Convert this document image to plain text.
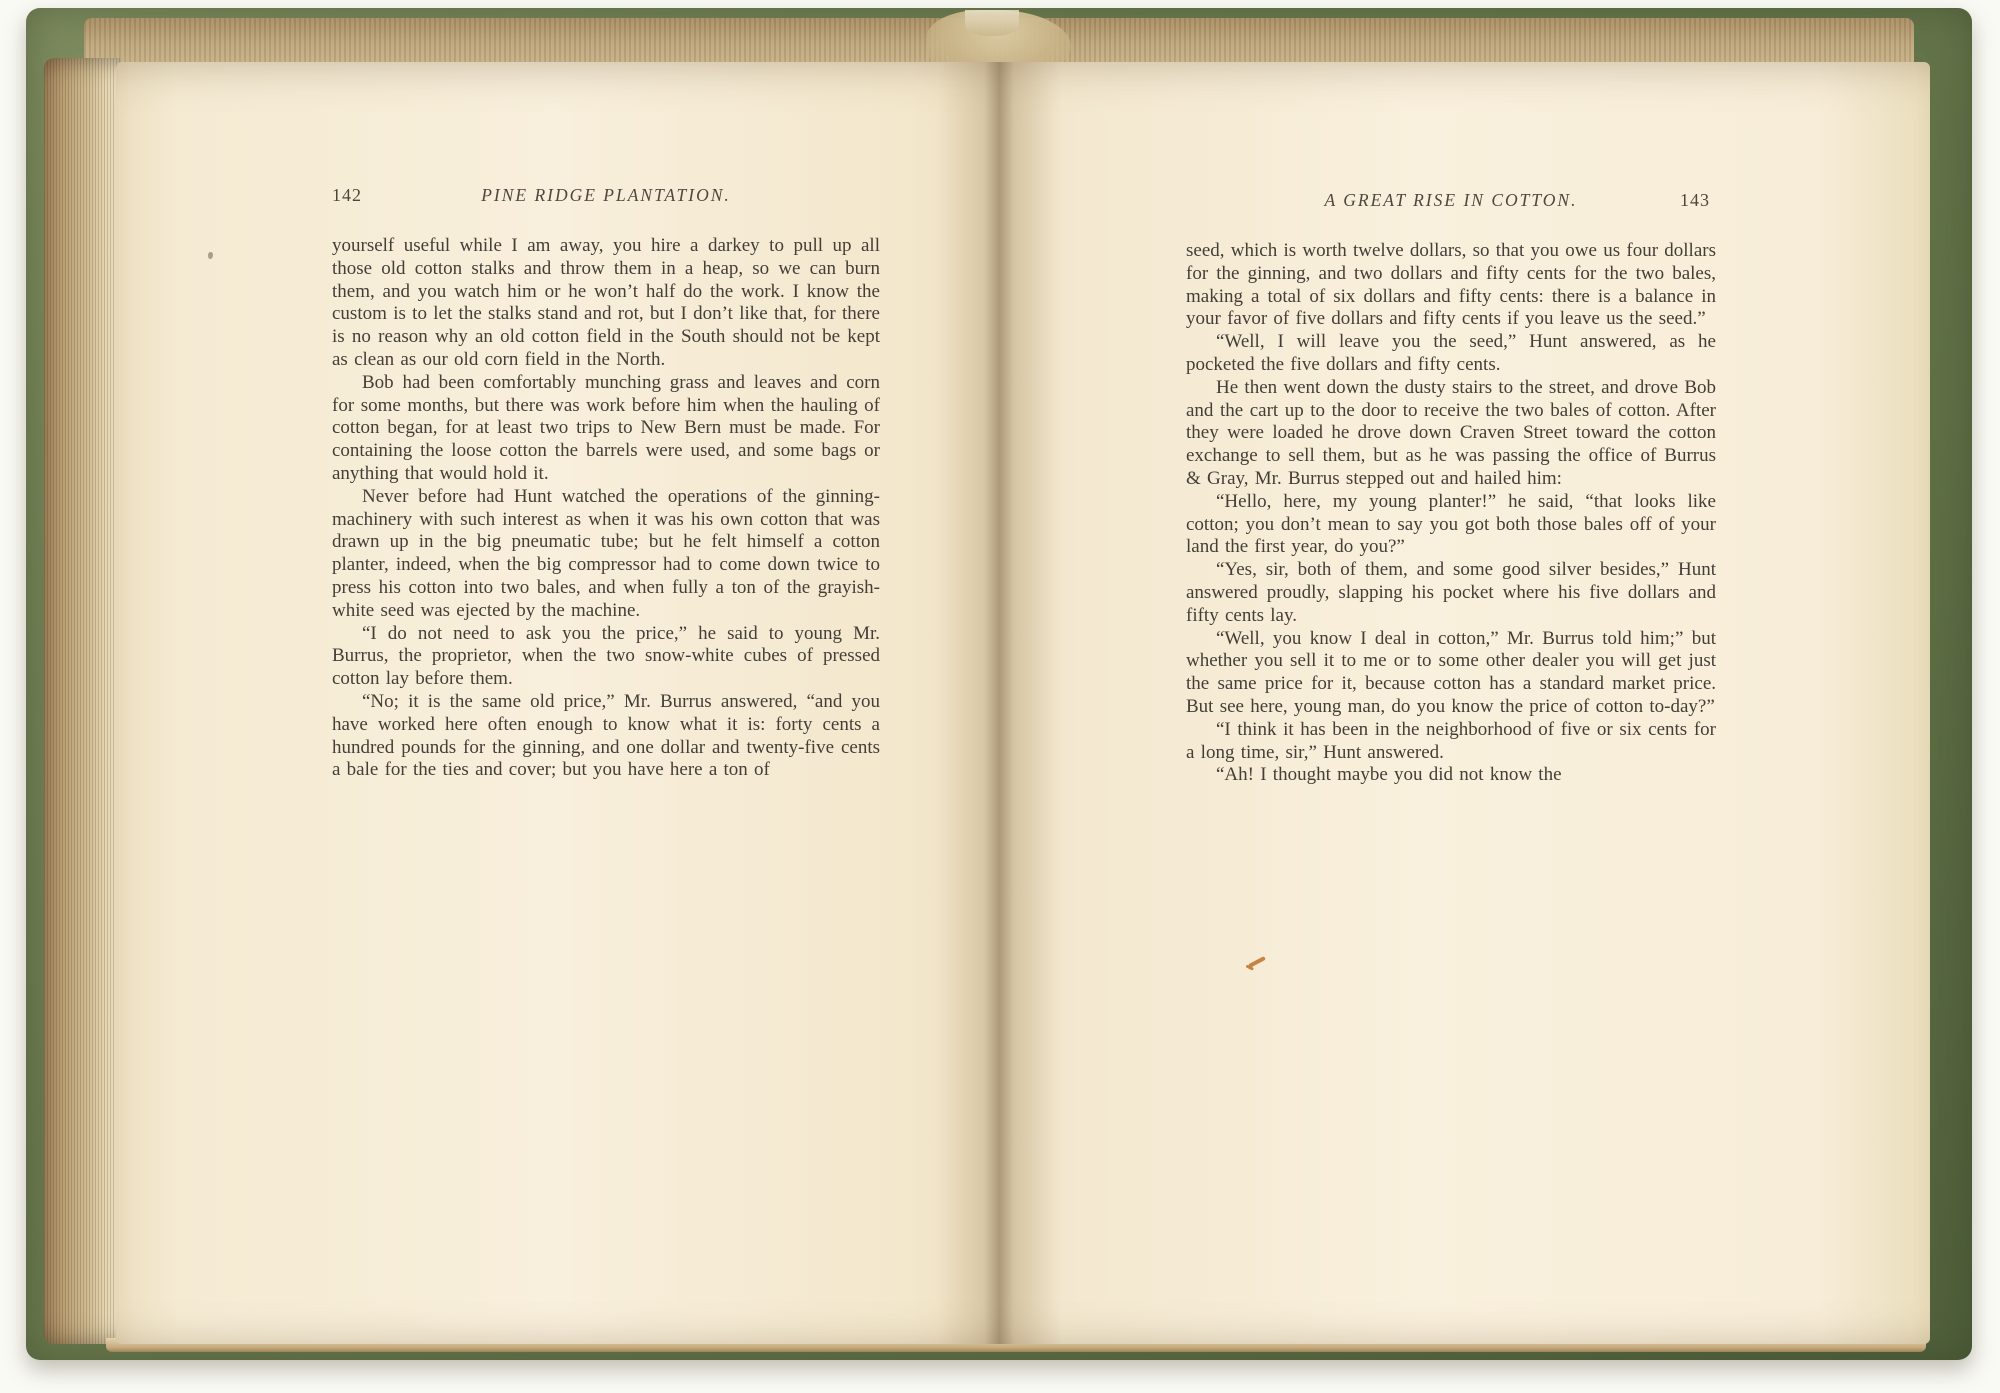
142	PINE RIDGE PLANTATION.

yourself useful while I am away, you hire a darkey to pull up all those old cotton stalks and throw them in a heap, so we can burn them, and you watch him or he won’t half do the work. I know the custom is to let the stalks stand and rot, but I don’t like that, for there is no reason why an old cotton field in the South should not be kept as clean as our old corn field in the North.

Bob had been comfortably munching grass and leaves and corn for some months, but there was work before him when the hauling of cotton began, for at least two trips to New Bern must be made. For containing the loose cotton the barrels were used, and some bags or anything that would hold it.

Never before had Hunt watched the operations of the ginning-machinery with such interest as when it was his own cotton that was drawn up in the big pneumatic tube; but he felt himself a cotton planter, indeed, when the big compressor had to come down twice to press his cotton into two bales, and when fully a ton of the grayish-white seed was ejected by the machine.

“I do not need to ask you the price,” he said to young Mr. Burrus, the proprietor, when the two snow-white cubes of pressed cotton lay before them.

“No; it is the same old price,” Mr. Burrus answered, “and you have worked here often enough to know what it is: forty cents a hundred pounds for the ginning, and one dollar and twenty-five cents a bale for the ties and cover; but you have here a ton of

A GREAT RISE IN COTTON.	143

seed, which is worth twelve dollars, so that you owe us four dollars for the ginning, and two dollars and fifty cents for the two bales, making a total of six dollars and fifty cents: there is a balance in your favor of five dollars and fifty cents if you leave us the seed.”

“Well, I will leave you the seed,” Hunt answered, as he pocketed the five dollars and fifty cents.

He then went down the dusty stairs to the street, and drove Bob and the cart up to the door to receive the two bales of cotton. After they were loaded he drove down Craven Street toward the cotton exchange to sell them, but as he was passing the office of Burrus & Gray, Mr. Burrus stepped out and hailed him:

“Hello, here, my young planter!” he said, “that looks like cotton; you don’t mean to say you got both those bales off of your land the first year, do you?”

“Yes, sir, both of them, and some good silver besides,” Hunt answered proudly, slapping his pocket where his five dollars and fifty cents lay.

“Well, you know I deal in cotton,” Mr. Burrus told him;” but whether you sell it to me or to some other dealer you will get just the same price for it, because cotton has a standard market price. But see here, young man, do you know the price of cotton to-day?”

“I think it has been in the neighborhood of five or six cents for a long time, sir,” Hunt answered.

“Ah! I thought maybe you did not know the
